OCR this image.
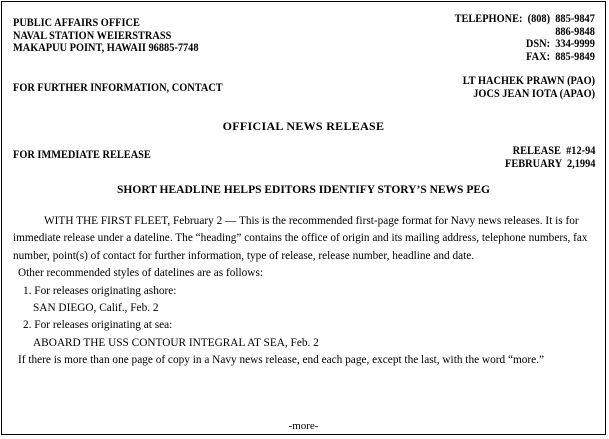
PUBLIC AFFAIRS OFFICE
NAVAL STATION WEIERSTRASS
MAKAPUU POINT, HAWAII 96885-7748
TELEPHONE:  (808)  885-9847
886-9848
DSN:  334-9999
FAX:  885-9849
FOR FURTHER INFORMATION, CONTACT
LT HACHEK PRAWN (PAO)
JOCS JEAN IOTA (APAO)
OFFICIAL NEWS RELEASE
FOR IMMEDIATE RELEASE	RELEASE  #12-94
FEBRUARY  2,1994
SHORT HEADLINE HELPS EDITORS IDENTIFY STORY’S NEWS PEG

WITH THE FIRST FLEET, February 2 — This is the recommended first-page format for Navy news releases. It is for immediate release under a dateline. The “heading” contains the office of origin and its mailing address, telephone numbers, fax number, point(s) of contact for further information, type of release, release number, headline and date.

Other recommended styles of datelines are as follows:

1. For releases originating ashore:

SAN DIEGO, Calif., Feb. 2

2. For releases originating at sea:

ABOARD THE USS CONTOUR INTEGRAL AT SEA, Feb. 2

If there is more than one page of copy in a Navy news release, end each page, except the last, with the word “more.”

-more-
